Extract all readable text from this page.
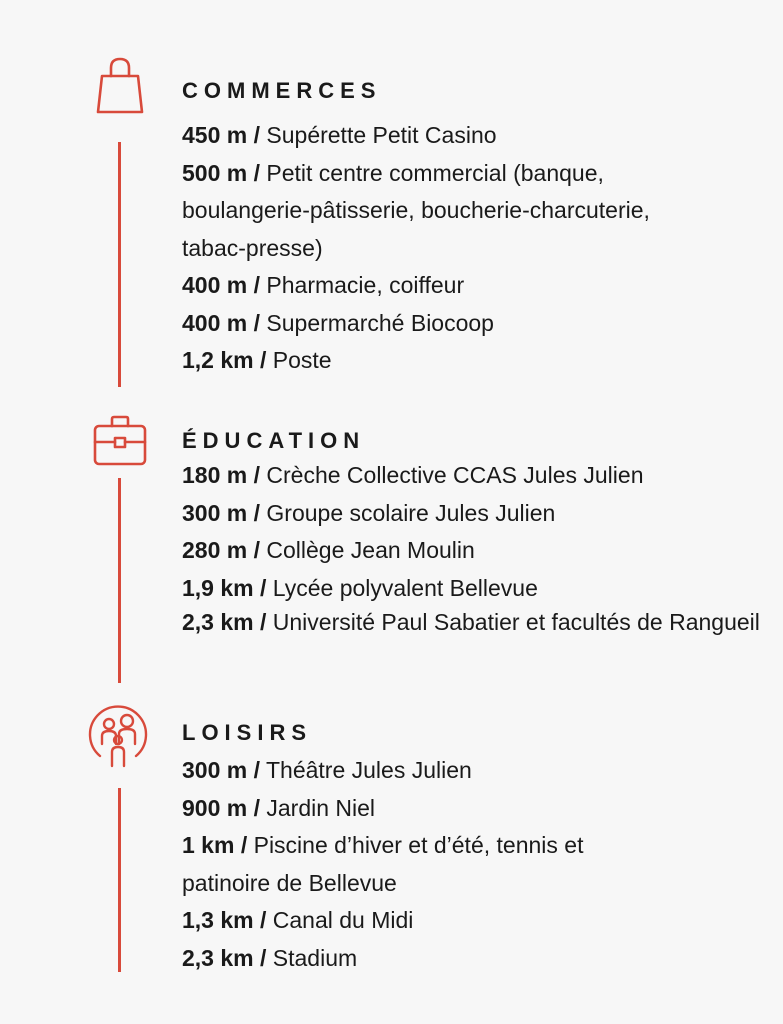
COMMERCES
450 m / Supérette Petit Casino
500 m / Petit centre commercial (banque, boulangerie-pâtisserie, boucherie-charcuterie, tabac-presse)
400 m / Pharmacie, coiffeur
400 m / Supermarché Biocoop
1,2 km / Poste
ÉDUCATION
180 m / Crèche Collective CCAS Jules Julien
300 m / Groupe scolaire Jules Julien
280 m / Collège Jean Moulin
1,9 km / Lycée polyvalent Bellevue
2,3 km / Université Paul Sabatier et facultés de Rangueil
LOISIRS
300 m / Théâtre Jules Julien
900 m / Jardin Niel
1 km / Piscine d’hiver et d’été, tennis et patinoire de Bellevue
1,3 km / Canal du Midi
2,3 km / Stadium
